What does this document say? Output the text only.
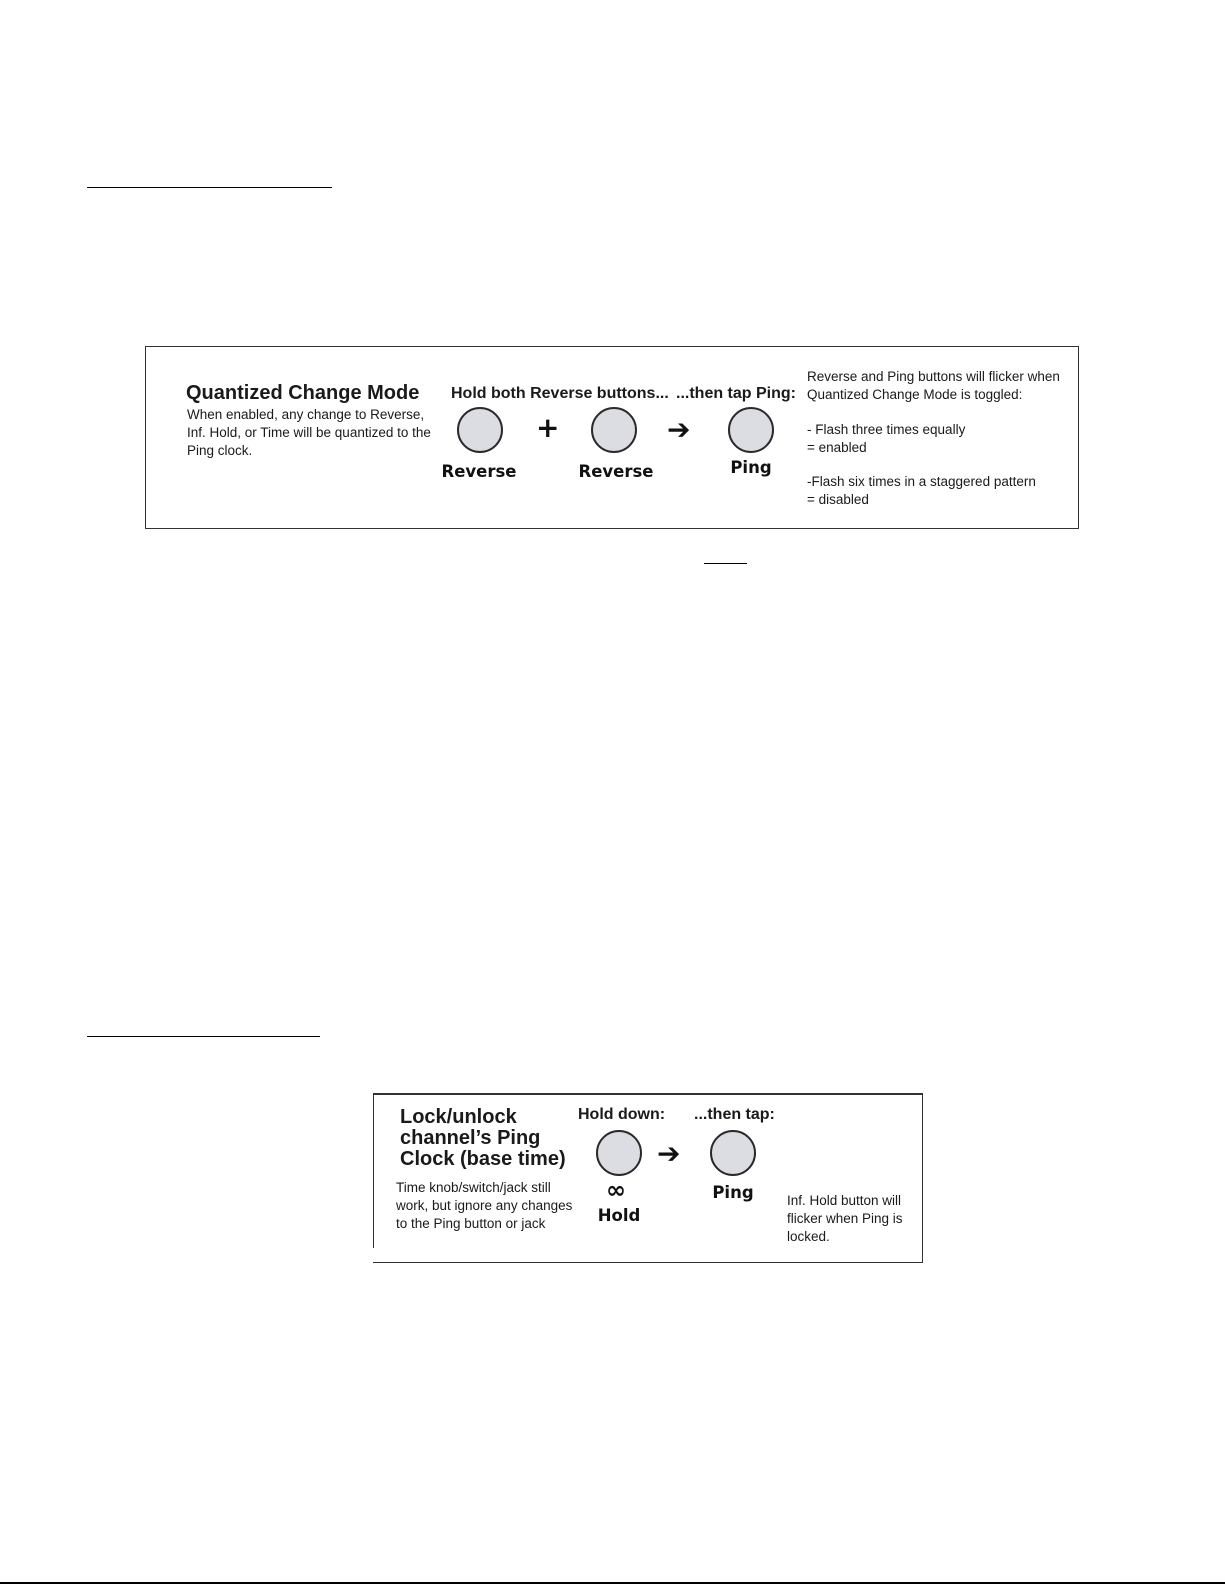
Quantized Change Mode
When enabled, any change to Reverse,
Inf. Hold, or Time will be quantized to the
Ping clock.
Hold both Reverse buttons... ...then tap Ping:
Reverse
+
Reverse
➔
Ping
Reverse and Ping buttons will flicker when
Quantized Change Mode is toggled:
- Flash three times equally
= enabled
-Flash six times in a staggered pattern
= disabled
Lock/unlock
channel’s Ping
Clock (base time)
Time knob/switch/jack still
work, but ignore any changes
to the Ping button or jack
Hold down: ...then tap:
∞
Hold
➔
Ping	Inf. Hold button will
flicker when Ping is
locked.
